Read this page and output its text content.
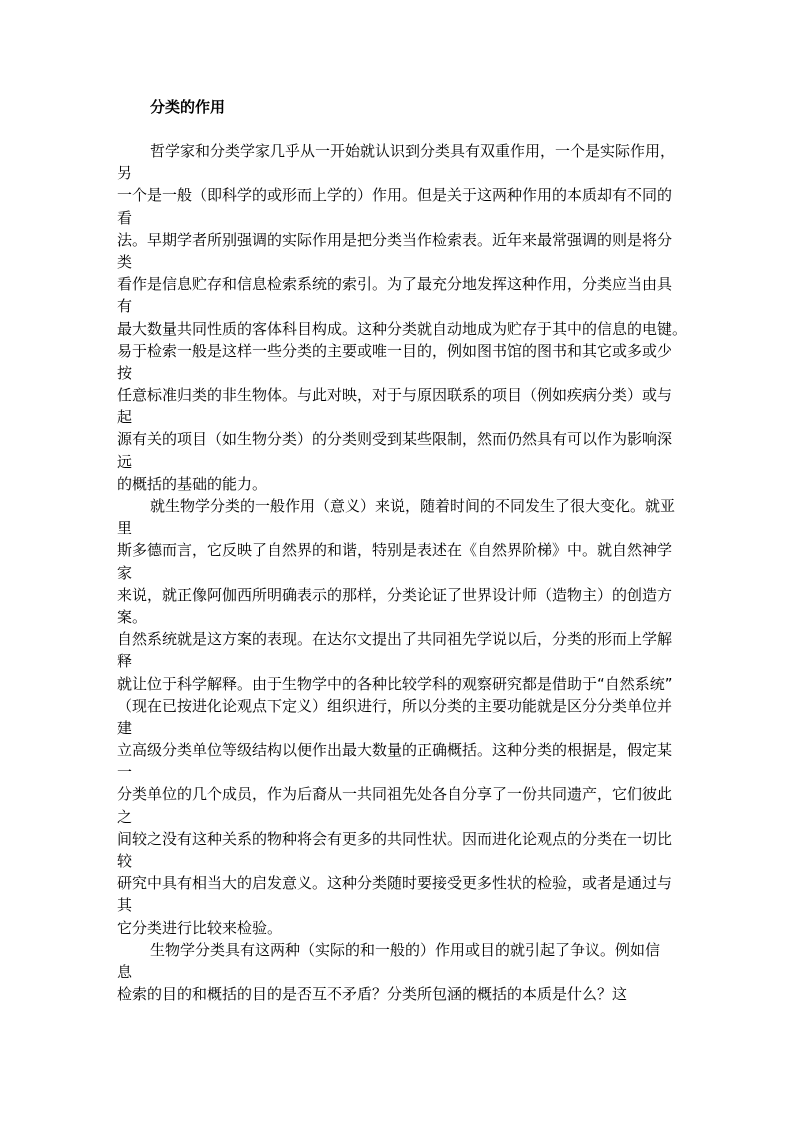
分类的作用
哲学家和分类学家几乎从一开始就认识到分类具有双重作用，一个是实际作用，
另
一个是一般（即科学的或形而上学的）作用。但是关于这两种作用的本质却有不同的
看
法。早期学者所别强调的实际作用是把分类当作检索表。近年来最常强调的则是将分
类
看作是信息贮存和信息检索系统的索引。为了最充分地发挥这种作用，分类应当由具
有
最大数量共同性质的客体科目构成。这种分类就自动地成为贮存于其中的信息的电键。
易于检索一般是这样一些分类的主要或唯一目的，例如图书馆的图书和其它或多或少
按
任意标准归类的非生物体。与此对映，对于与原因联系的项目（例如疾病分类）或与
起
源有关的项目（如生物分类）的分类则受到某些限制，然而仍然具有可以作为影响深
远
的概括的基础的能力。
就生物学分类的一般作用（意义）来说，随着时间的不同发生了很大变化。就亚
里
斯多德而言，它反映了自然界的和谐，特别是表述在《自然界阶梯》中。就自然神学
家
来说，就正像阿伽西所明确表示的那样，分类论证了世界设计师（造物主）的创造方
案。
自然系统就是这方案的表现。在达尔文提出了共同祖先学说以后，分类的形而上学解
释
就让位于科学解释。由于生物学中的各种比较学科的观察研究都是借助于“自然系统”
（现在已按进化论观点下定义）组织进行，所以分类的主要功能就是区分分类单位并
建
立高级分类单位等级结构以便作出最大数量的正确概括。这种分类的根据是，假定某
一
分类单位的几个成员，作为后裔从一共同祖先处各自分享了一份共同遗产，它们彼此
之
间较之没有这种关系的物种将会有更多的共同性状。因而进化论观点的分类在一切比
较
研究中具有相当大的启发意义。这种分类随时要接受更多性状的检验，或者是通过与
其
它分类进行比较来检验。
生物学分类具有这两种（实际的和一般的）作用或目的就引起了争议。例如信
息
检索的目的和概括的目的是否互不矛盾？分类所包涵的概括的本质是什么？这
